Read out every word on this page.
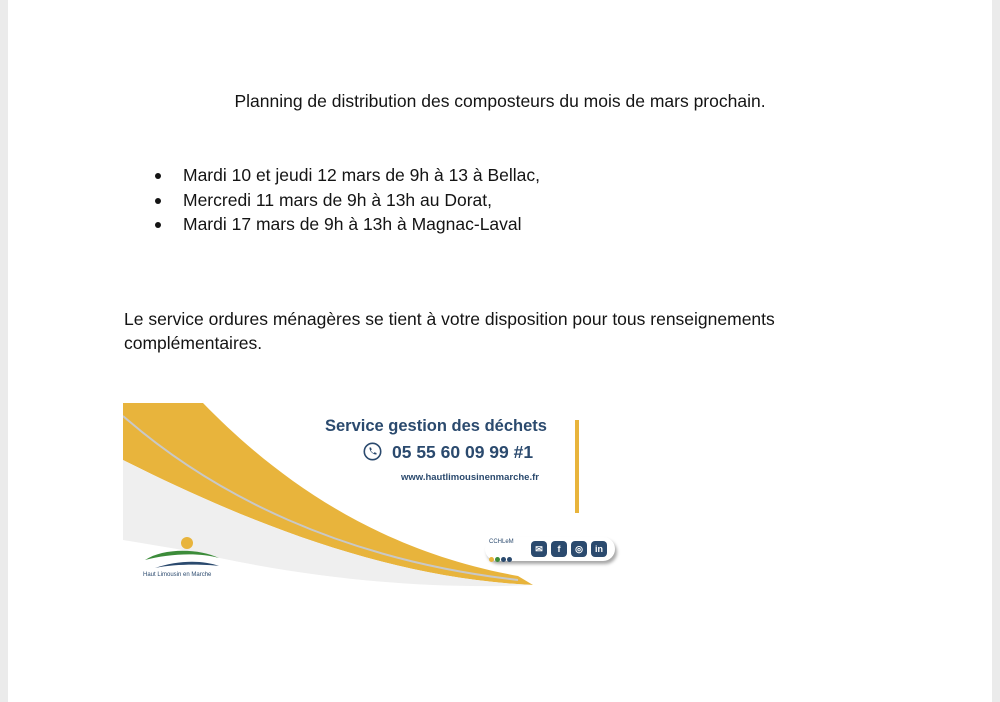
Planning de distribution des composteurs du mois de mars prochain.
Mardi 10 et jeudi 12 mars de 9h à 13 à Bellac,
Mercredi 11 mars de 9h à 13h au Dorat,
Mardi 17 mars de 9h à 13h à Magnac-Laval

Le service ordures ménagères se tient à votre disposition pour tous renseignements complémentaires.

Service gestion des déchets
05 55 60 09 99 #1
www.hautlimousinenmarche.fr
CCHLeM
✉	f	◎	in
Haut Limousin en Marche
